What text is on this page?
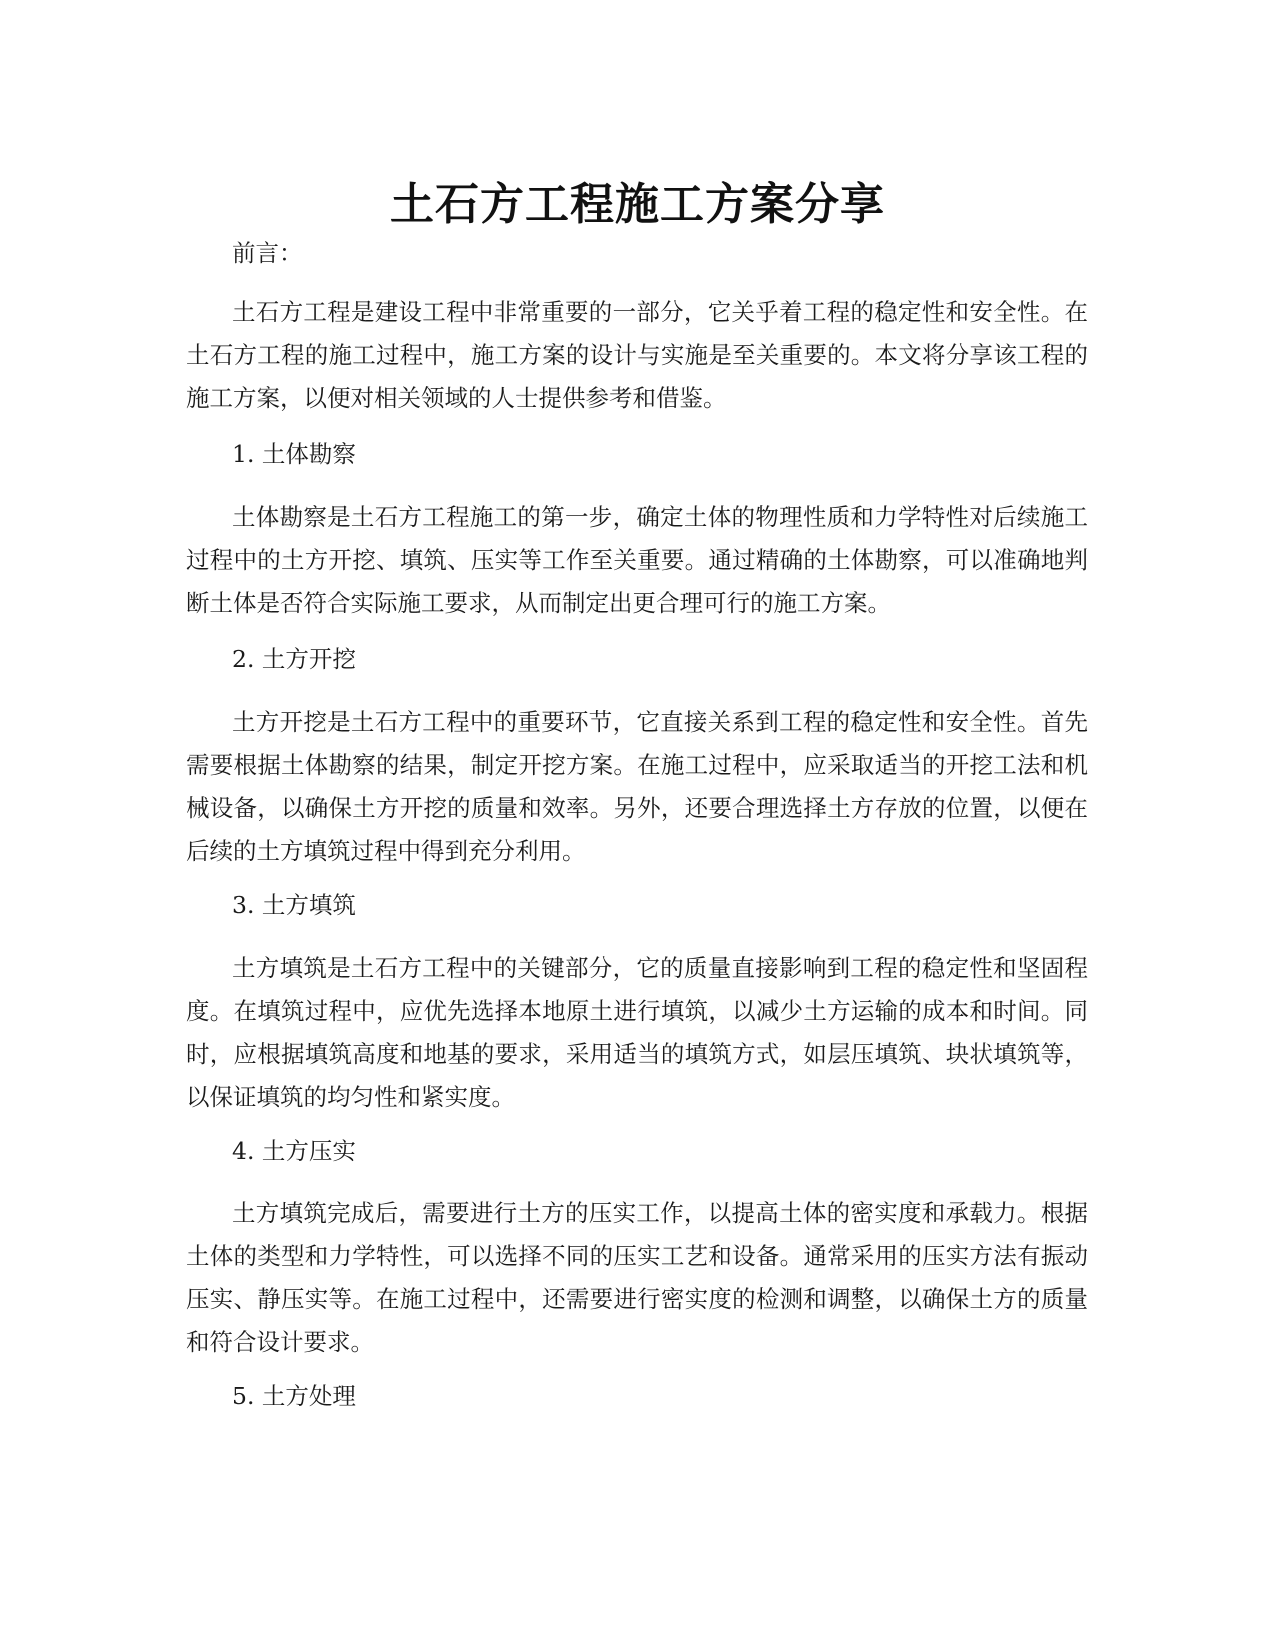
土石方工程施工方案分享

前言：

土石方工程是建设工程中非常重要的一部分，它关乎着工程的稳定性和安全性。在土石方工程的施工过程中，施工方案的设计与实施是至关重要的。本文将分享该工程的施工方案，以便对相关领域的人士提供参考和借鉴。

1. 土体勘察

土体勘察是土石方工程施工的第一步，确定土体的物理性质和力学特性对后续施工过程中的土方开挖、填筑、压实等工作至关重要。通过精确的土体勘察，可以准确地判断土体是否符合实际施工要求，从而制定出更合理可行的施工方案。

2. 土方开挖

土方开挖是土石方工程中的重要环节，它直接关系到工程的稳定性和安全性。首先需要根据土体勘察的结果，制定开挖方案。在施工过程中，应采取适当的开挖工法和机械设备，以确保土方开挖的质量和效率。另外，还要合理选择土方存放的位置，以便在后续的土方填筑过程中得到充分利用。

3. 土方填筑

土方填筑是土石方工程中的关键部分，它的质量直接影响到工程的稳定性和坚固程度。在填筑过程中，应优先选择本地原土进行填筑，以减少土方运输的成本和时间。同时，应根据填筑高度和地基的要求，采用适当的填筑方式，如层压填筑、块状填筑等，以保证填筑的均匀性和紧实度。

4. 土方压实

土方填筑完成后，需要进行土方的压实工作，以提高土体的密实度和承载力。根据土体的类型和力学特性，可以选择不同的压实工艺和设备。通常采用的压实方法有振动压实、静压实等。在施工过程中，还需要进行密实度的检测和调整，以确保土方的质量和符合设计要求。

5. 土方处理
